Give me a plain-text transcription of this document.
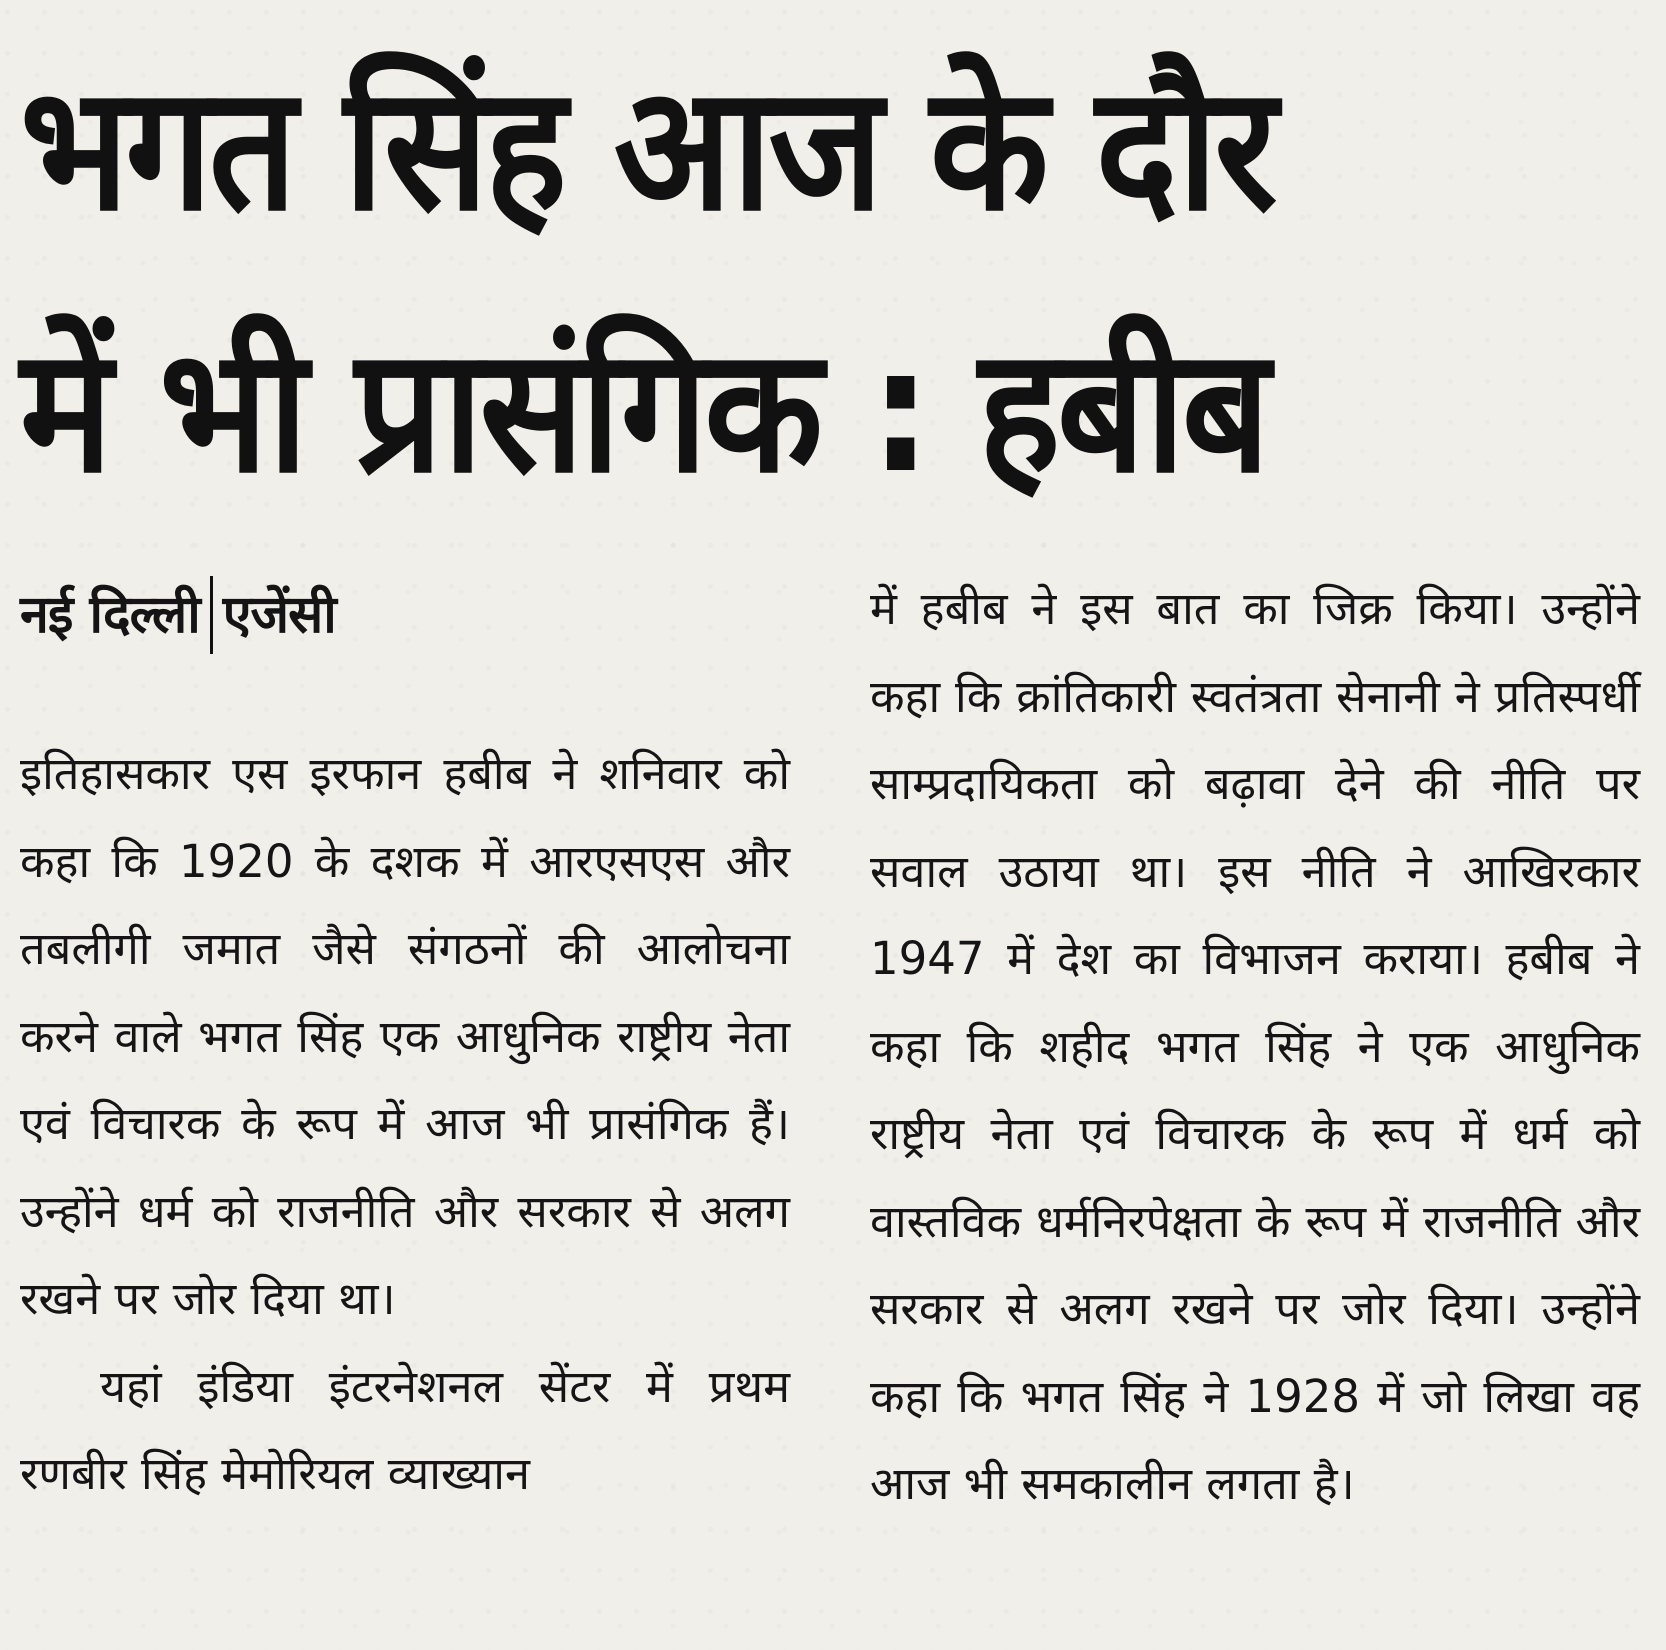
भगत सिंह आज के दौर
में भी प्रासंगिक : हबीब
नई दिल्ली एजेंसी

इतिहासकार एस इरफान हबीब ने शनिवार को कहा कि 1920 के दशक में आरएसएस और तबलीगी जमात जैसे संगठनों की आलोचना करने वाले भगत सिंह एक आधुनिक राष्ट्रीय नेता एवं विचारक के रूप में आज भी प्रासंगिक हैं। उन्होंने धर्म को राजनीति और सरकार से अलग रखने पर जोर दिया था।

यहां इंडिया इंटरनेशनल सेंटर में प्रथम रणबीर सिंह मेमोरियल व्याख्यान

में हबीब ने इस बात का जिक्र किया। उन्होंने कहा कि क्रांतिकारी स्वतंत्रता सेनानी ने प्रतिस्पर्धी साम्प्रदायिकता को बढ़ावा देने की नीति पर सवाल उठाया था। इस नीति ने आखिरकार 1947 में देश का विभाजन कराया। हबीब ने कहा कि शहीद भगत सिंह ने एक आधुनिक राष्ट्रीय नेता एवं विचारक के रूप में धर्म को वास्तविक धर्मनिरपेक्षता के रूप में राजनीति और सरकार से अलग रखने पर जोर दिया। उन्होंने कहा कि भगत सिंह ने 1928 में जो लिखा वह आज भी समकालीन लगता है।
